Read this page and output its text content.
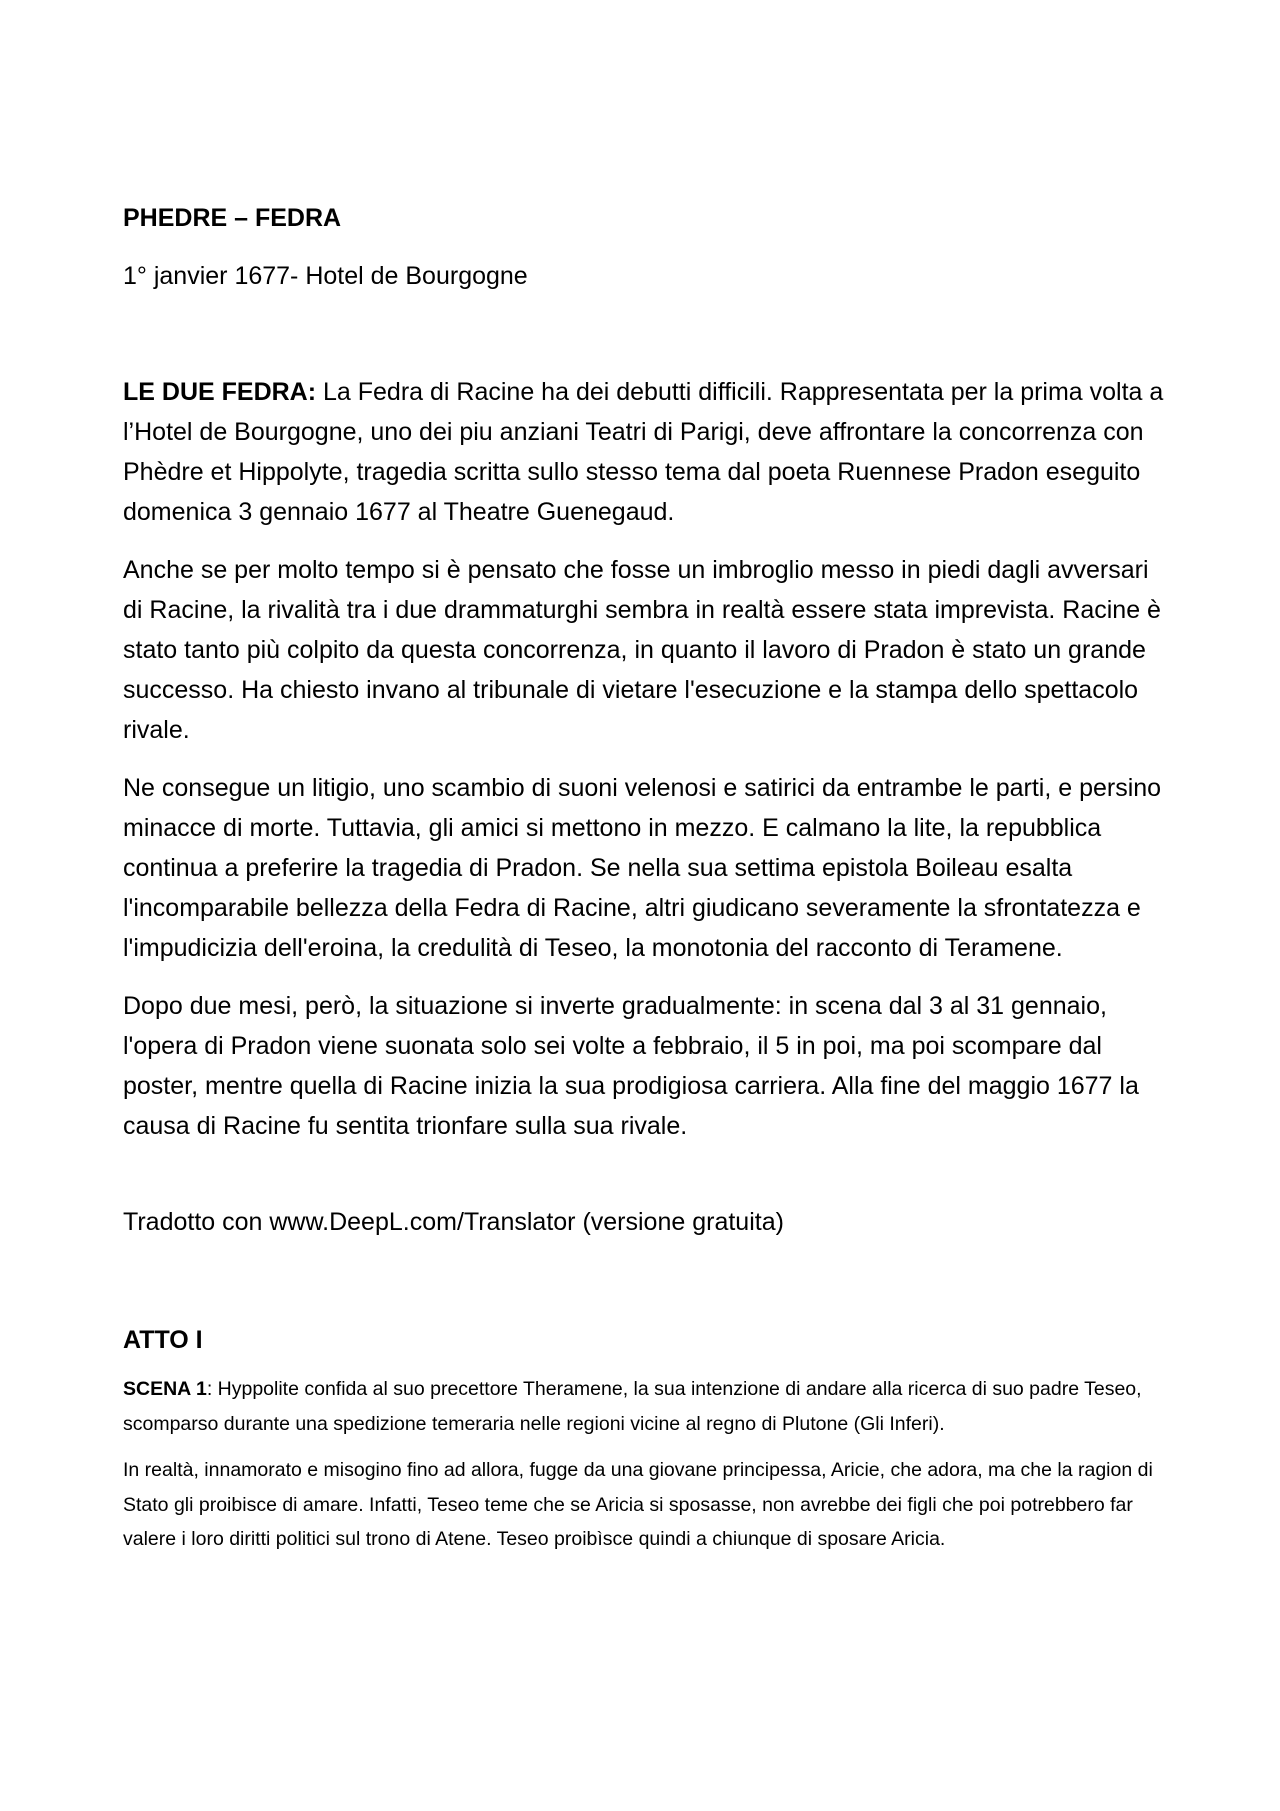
PHEDRE – FEDRA
1° janvier 1677- Hotel de Bourgogne
LE DUE FEDRA: La Fedra di Racine ha dei debutti difficili. Rappresentata per la prima volta a l’Hotel de Bourgogne, uno dei piu anziani Teatri di Parigi, deve affrontare la concorrenza con Phèdre et Hippolyte, tragedia scritta sullo stesso tema dal poeta Ruennese Pradon eseguito domenica 3 gennaio 1677 al Theatre Guenegaud.
Anche se per molto tempo si è pensato che fosse un imbroglio messo in piedi dagli avversari di Racine, la rivalità tra i due drammaturghi sembra in realtà essere stata imprevista. Racine è stato tanto più colpito da questa concorrenza, in quanto il lavoro di Pradon è stato un grande successo. Ha chiesto invano al tribunale di vietare l'esecuzione e la stampa dello spettacolo rivale.
Ne consegue un litigio, uno scambio di suoni velenosi e satirici da entrambe le parti, e persino minacce di morte. Tuttavia, gli amici si mettono in mezzo. E calmano la lite, la repubblica continua a preferire la tragedia di Pradon. Se nella sua settima epistola Boileau esalta l'incomparabile bellezza della Fedra di Racine, altri giudicano severamente la sfrontatezza e l'impudicizia dell'eroina, la credulità di Teseo, la monotonia del racconto di Teramene.
Dopo due mesi, però, la situazione si inverte gradualmente: in scena dal 3 al 31 gennaio, l'opera di Pradon viene suonata solo sei volte a febbraio, il 5 in poi, ma poi scompare dal poster, mentre quella di Racine inizia la sua prodigiosa carriera. Alla fine del maggio 1677 la causa di Racine fu sentita trionfare sulla sua rivale.
Tradotto con www.DeepL.com/Translator (versione gratuita)
ATTO I
SCENA 1: Hyppolite confida al suo precettore Theramene, la sua intenzione di andare alla ricerca di suo padre Teseo, scomparso durante una spedizione temeraria nelle regioni vicine al regno di Plutone (Gli Inferi).
In realtà, innamorato e misogino fino ad allora, fugge da una giovane principessa, Aricie, che adora, ma che la ragion di Stato gli proibisce di amare. Infatti, Teseo teme che se Aricia si sposasse, non avrebbe dei figli che poi potrebbero far valere i loro diritti politici sul trono di Atene. Teseo proibìsce quindi a chiunque di sposare Aricia.
